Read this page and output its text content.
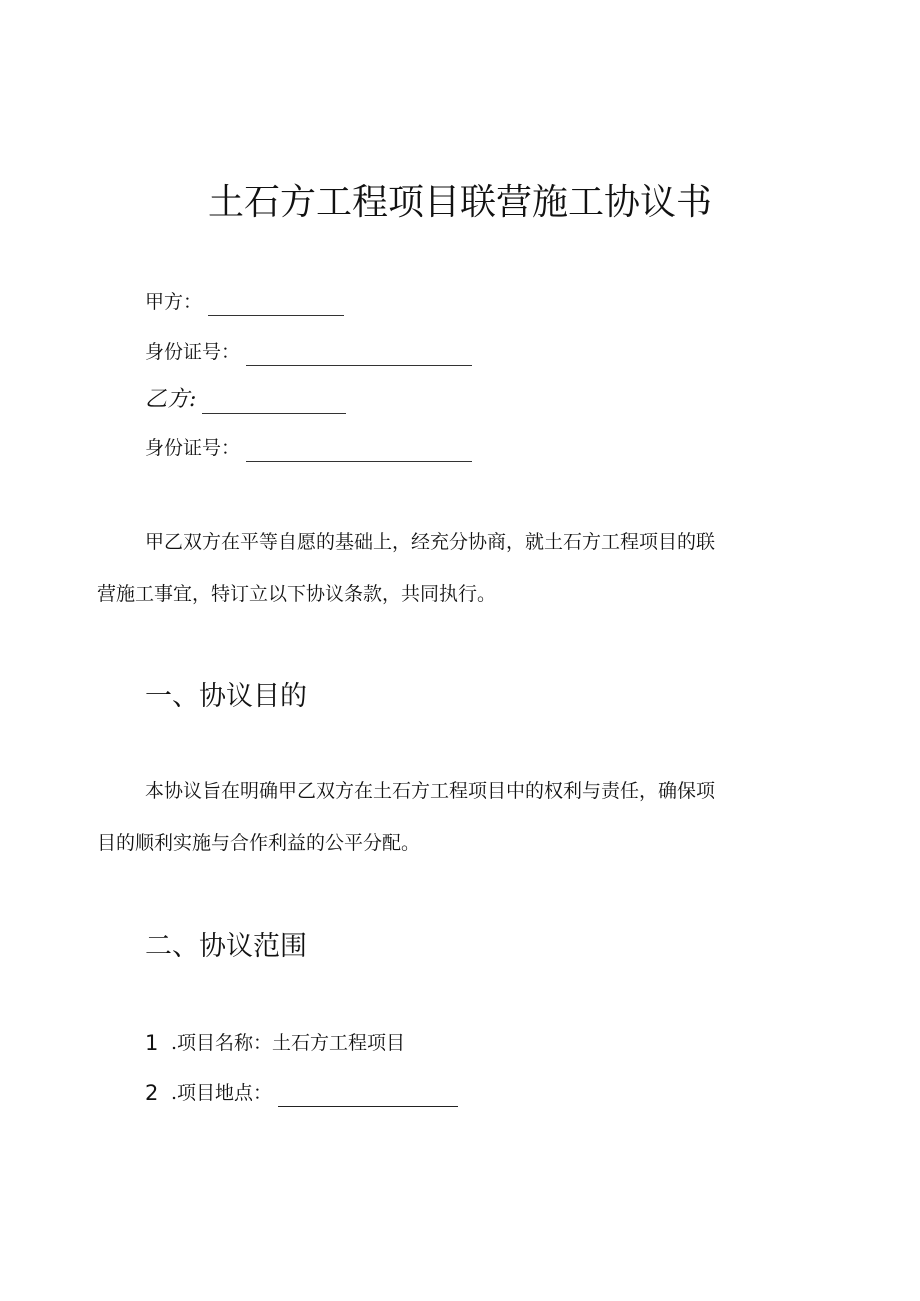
土石方工程项目联营施工协议书
甲方：
身份证号：
乙方:
身份证号：
甲乙双方在平等自愿的基础上，经充分协商，就土石方工程项目的联
营施工事宜，特订立以下协议条款，共同执行。
一、协议目的
本协议旨在明确甲乙双方在土石方工程项目中的权利与责任，确保项
目的顺利实施与合作利益的公平分配。
二、协议范围
1 .项目名称：土石方工程项目
2 .项目地点：
